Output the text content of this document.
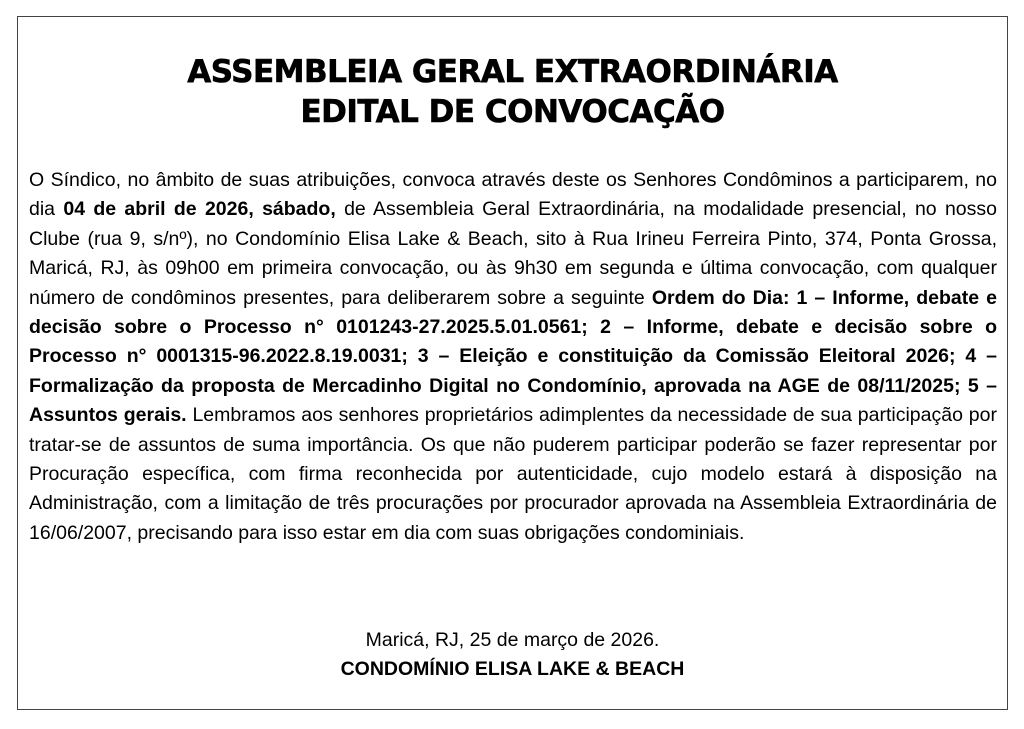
ASSEMBLEIA GERAL EXTRAORDINÁRIA
EDITAL DE CONVOCAÇÃO

O Síndico, no âmbito de suas atribuições, convoca através deste os Senhores Condôminos a participarem, no dia 04 de abril de 2026, sábado, de Assembleia Geral Extraordinária, na modalidade presencial, no nosso Clube (rua 9, s/nº), no Condomínio Elisa Lake & Beach, sito à Rua Irineu Ferreira Pinto, 374, Ponta Grossa, Maricá, RJ, às 09h00 em primeira convocação, ou às 9h30 em segunda e última convocação, com qualquer número de condôminos presentes, para deliberarem sobre a seguinte Ordem do Dia: 1 – Informe, debate e decisão sobre o Processo n° 0101243-27.2025.5.01.0561; 2 – Informe, debate e decisão sobre o Processo n° 0001315-96.2022.8.19.0031; 3 – Eleição e constituição da Comissão Eleitoral 2026; 4 – Formalização da proposta de Mercadinho Digital no Condomínio, aprovada na AGE de 08/11/2025; 5 – Assuntos gerais. Lembramos aos senhores proprietários adimplentes da necessidade de sua participação por tratar-se de assuntos de suma importância. Os que não puderem participar poderão se fazer representar por Procuração específica, com firma reconhecida por autenticidade, cujo modelo estará à disposição na Administração, com a limitação de três procurações por procurador aprovada na Assembleia Extraordinária de 16/06/2007, precisando para isso estar em dia com suas obrigações condominiais.

Maricá, RJ, 25 de março de 2026.
CONDOMÍNIO ELISA LAKE & BEACH
